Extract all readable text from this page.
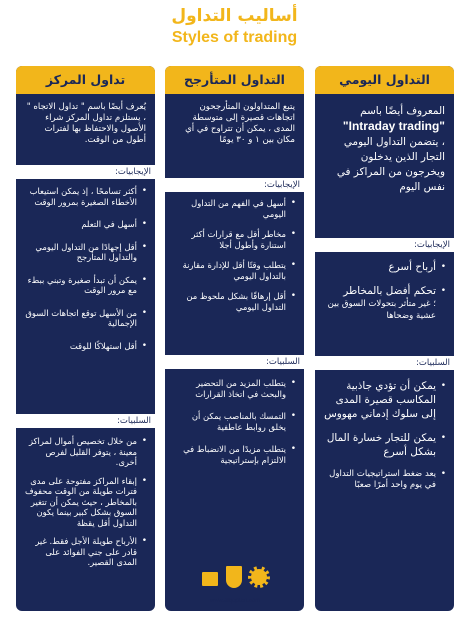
أساليب التداول
Styles of trading
التداول اليومي
المعروف أيضًا باسم
"Intraday trading"
، يتضمن التداول اليومي التجار الذين يدخلون ويخرجون من المراكز في نفس اليوم
الإيجابيات:
• أرباح أسرع
• تحكم أفضل بالمخاطر
؛ غير متأثر بتحولات السوق بين عشية وضحاها
السلبيات:
• يمكن أن تؤدي جاذبية المكاسب قصيرة المدى إلى سلوك إدماني مهووس
• يمكن للتجار خسارة المال بشكل أسرع
• يعد ضغط استراتيجيات التداول في يوم واحد أمرًا صعبًا
التداول المتأرجح
يتبع المتداولون المتأرجحون اتجاهات قصيرة إلى متوسطة المدى ، يمكن أن تتراوح في أي مكان بين ١ و ٣٠ يومًا
الإيجابيات:
• أسهل في الفهم من التداول اليومي
• مخاطر أقل مع قرارات أكثر استنارة وأطول أجلا
• يتطلب وقتًا أقل للإدارة مقارنة بالتداول اليومي
• أقل إرهاقًا بشكل ملحوظ من التداول اليومي
السلبيات:
• يتطلب المزيد من التحضير والبحث في اتخاذ القرارات
• التمسك بالمناصب يمكن أن يخلق روابط عاطفية
• يتطلب مزيدًا من الانضباط في الالتزام بإستراتيجية
تداول المركز
يُعرف أيضًا باسم " تداول الاتجاه " ، يستلزم تداول المركز شراء الأصول والاحتفاظ بها لفترات أطول من الوقت.
الإيجابيات:
• أكثر تسامحًا ، إذ يمكن استيعاب الأخطاء الصغيرة بمرور الوقت
• أسهل في التعلم
• أقل إجهادًا من التداول اليومي والتداول المتأرجح
• يمكن أن تبدأ صغيرة وتبني ببطء مع مرور الوقت
• من الأسهل توقع اتجاهات السوق الإجمالية
• أقل استهلاكًا للوقت
السلبيات:
• من خلال تخصيص أموال لمراكز معينة ، يتوفر القليل لفرص أخرى.
• إبقاء المراكز مفتوحة على مدى فترات طويلة من الوقت محفوف بالمخاطر ، حيث يمكن أن تتغير السوق بشكل كبير بينما يكون التداول أقل يقظة
• الأرباح طويلة الأجل فقط. غير قادر على جني الفوائد على المدى القصير.
www.alqoptan.com
